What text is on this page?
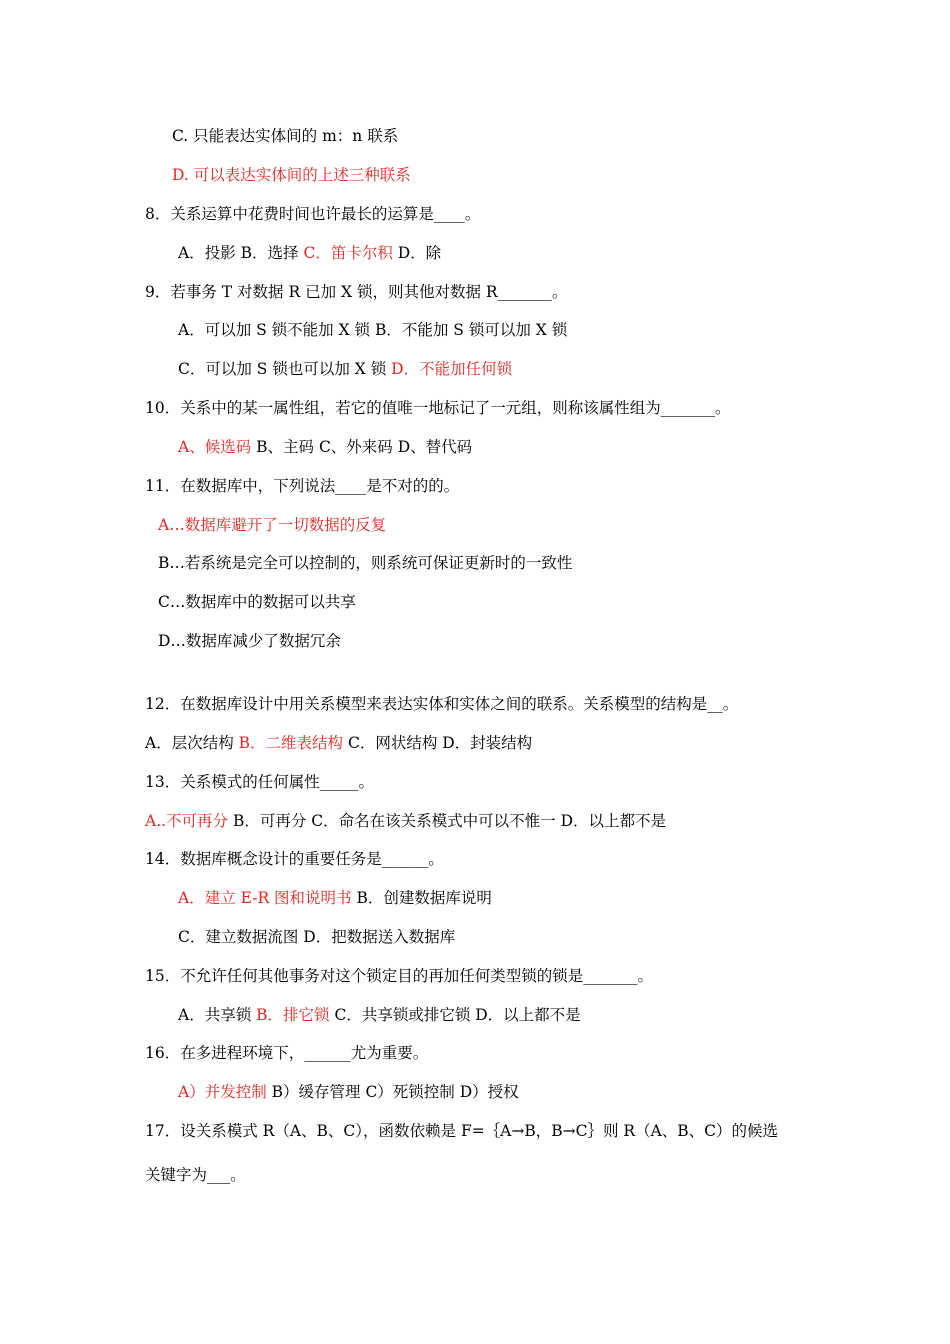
C. 只能表达实体间的 m：n 联系
D. 可以表达实体间的上述三种联系
8．关系运算中花费时间也许最长的运算是____。
A．投影 B．选择 C．笛卡尔积 D．除
9．若事务 T 对数据 R 已加 X 锁，则其他对数据 R_______。
A．可以加 S 锁不能加 X 锁 B．不能加 S 锁可以加 X 锁
C．可以加 S 锁也可以加 X 锁 D．不能加任何锁
10．关系中的某一属性组，若它的值唯一地标记了一元组，则称该属性组为_______。
A、候选码 B、主码 C、外来码 D、替代码
11．在数据库中，下列说法____是不对的的。
A…数据库避开了一切数据的反复
B…若系统是完全可以控制的，则系统可保证更新时的一致性
C…数据库中的数据可以共享
D…数据库减少了数据冗余
12．在数据库设计中用关系模型来表达实体和实体之间的联系。关系模型的结构是__。
A．层次结构 B．二维表结构 C．网状结构 D．封装结构
13．关系模式的任何属性_____。
A..不可再分 B．可再分 C．命名在该关系模式中可以不惟一 D．以上都不是
14．数据库概念设计的重要任务是______。
A．建立 E-R 图和说明书 B．创建数据库说明
C．建立数据流图 D．把数据送入数据库
15．不允许任何其他事务对这个锁定目的再加任何类型锁的锁是_______。
A．共享锁 B．排它锁 C．共享锁或排它锁 D．以上都不是
16．在多进程环境下，______尤为重要。
A）并发控制 B）缓存管理 C）死锁控制 D）授权
17．设关系模式 R（A、B、C），函数依赖是 F=｛A→B，B→C｝则 R（A、B、C）的候选
关键字为___。
